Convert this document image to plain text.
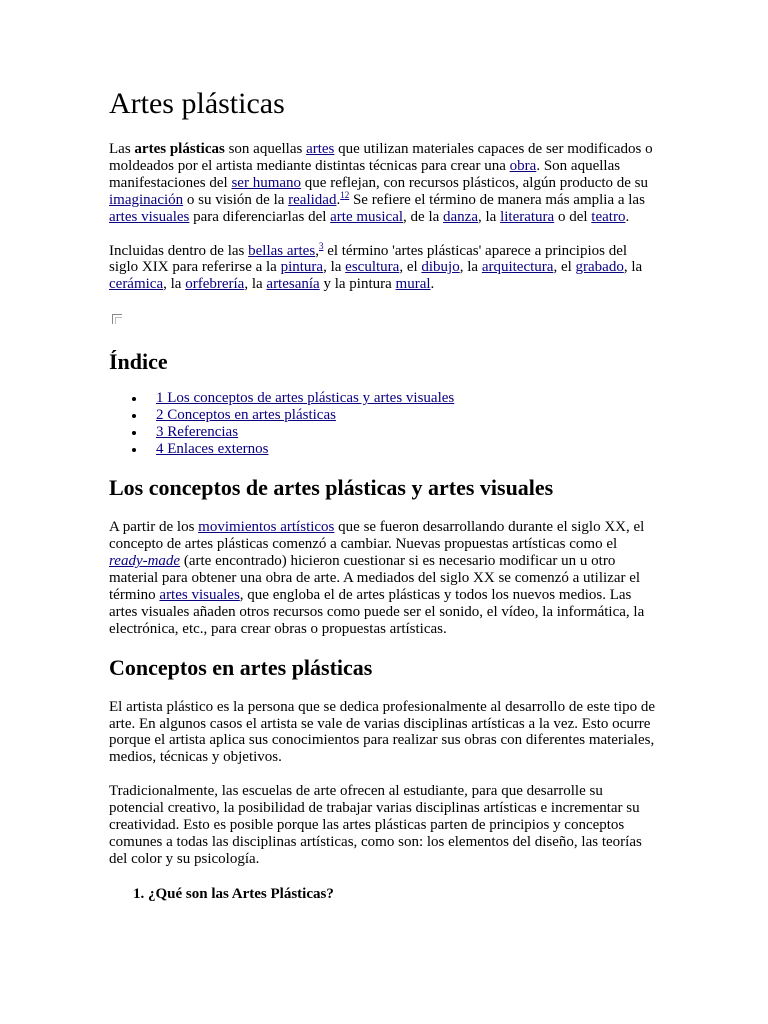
Artes plásticas

Las artes plásticas son aquellas artes que utilizan materiales capaces de ser modificados o moldeados por el artista mediante distintas técnicas para crear una obra. Son aquellas manifestaciones del ser humano que reflejan, con recursos plásticos, algún producto de su imaginación o su visión de la realidad.$^{12}$ Se refiere el término de manera más amplia a las artes visuales para diferenciarlas del arte musical, de la danza, la literatura o del teatro.

Incluidas dentro de las bellas artes,$^3$ el término 'artes plásticas' aparece a principios del siglo XIX para referirse a la pintura, la escultura, el dibujo, la arquitectura, el grabado, la cerámica, la orfebrería, la artesanía y la pintura mural.

Índice
1 Los conceptos de artes plásticas y artes visuales
2 Conceptos en artes plásticas
3 Referencias
4 Enlaces externos
Los conceptos de artes plásticas y artes visuales

A partir de los movimientos artísticos que se fueron desarrollando durante el siglo XX, el concepto de artes plásticas comenzó a cambiar. Nuevas propuestas artísticas como el ready-made (arte encontrado) hicieron cuestionar si es necesario modificar un u otro material para obtener una obra de arte. A mediados del siglo XX se comenzó a utilizar el término artes visuales, que engloba el de artes plásticas y todos los nuevos medios. Las artes visuales añaden otros recursos como puede ser el sonido, el vídeo, la informática, la electrónica, etc., para crear obras o propuestas artísticas.

Conceptos en artes plásticas

El artista plástico es la persona que se dedica profesionalmente al desarrollo de este tipo de arte. En algunos casos el artista se vale de varias disciplinas artísticas a la vez. Esto ocurre porque el artista aplica sus conocimientos para realizar sus obras con diferentes materiales, medios, técnicas y objetivos.

Tradicionalmente, las escuelas de arte ofrecen al estudiante, para que desarrolle su potencial creativo, la posibilidad de trabajar varias disciplinas artísticas e incrementar su creatividad. Esto es posible porque las artes plásticas parten de principios y conceptos comunes a todas las disciplinas artísticas, como son: los elementos del diseño, las teorías del color y su psicología.

1. ¿Qué son las Artes Plásticas?
